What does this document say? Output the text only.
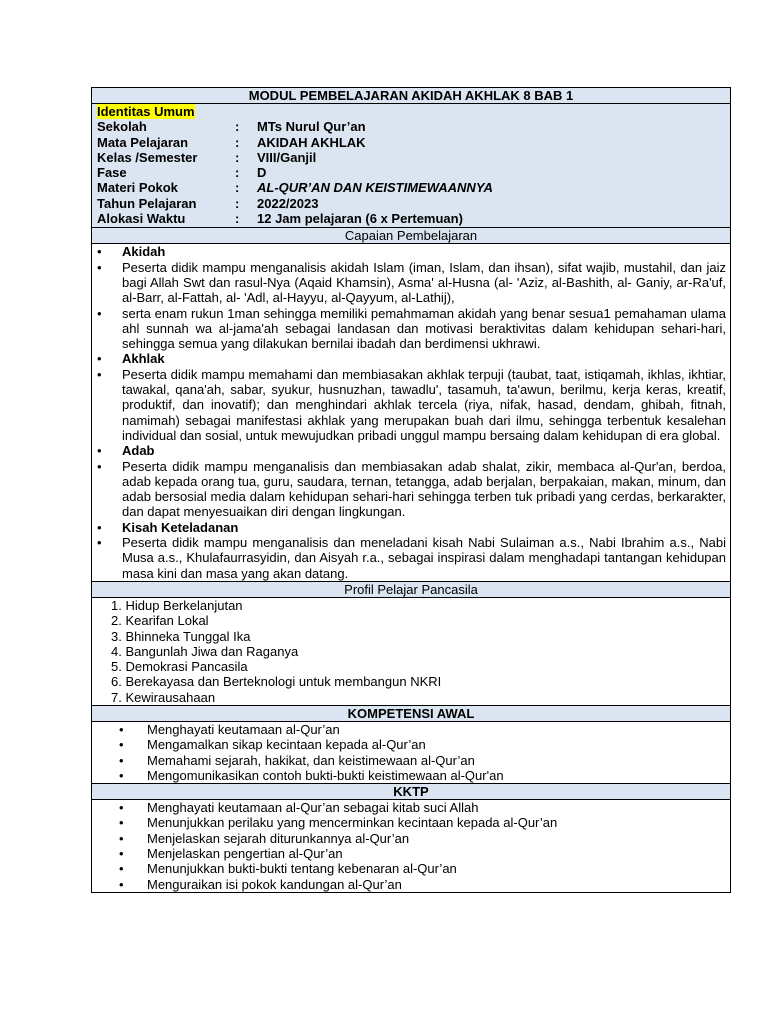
MODUL PEMBELAJARAN AKIDAH AKHLAK 8 BAB 1
Identitas Umum
Sekolah	:	MTs Nurul Qur’an
Mata Pelajaran	:	AKIDAH AKHLAK
Kelas /Semester	:	VIII/Ganjil
Fase	:	D
Materi Pokok	:	AL-QUR’AN DAN KEISTIMEWAANNYA
Tahun Pelajaran	:	2022/2023
Alokasi Waktu	:	12 Jam pelajaran (6 x Pertemuan)
Capaian Pembelajaran
•	Akidah
•	Peserta didik mampu menganalisis akidah Islam (iman, Islam, dan ihsan), sifat wajib, mustahil, dan jaiz bagi Allah Swt dan rasul-Nya (Aqaid Khamsin), Asma' al-Husna (al- 'Aziz, al-Bashith, al- Ganiy, ar-Ra'uf, al-Barr, al-Fattah, al- 'Adl, al-Hayyu, al-Qayyum, al-Lathij),
•	serta enam rukun 1man sehingga memiliki pemahmaman akidah yang benar sesua1 pemahaman ulama ahl sunnah wa al-jama'ah sebagai landasan dan motivasi beraktivitas dalam kehidupan sehari-hari, sehingga semua yang dilakukan bernilai ibadah dan berdimensi ukhrawi.
•	Akhlak
•	Peserta didik mampu memahami dan membiasakan akhlak terpuji (taubat, taat, istiqamah, ikhlas, ikhtiar, tawakal, qana'ah, sabar, syukur, husnuzhan, tawadlu', tasamuh, ta'awun, berilmu, kerja keras, kreatif, produktif, dan inovatif); dan menghindari akhlak tercela (riya, nifak, hasad, dendam, ghibah, fitnah, namimah) sebagai manifestasi akhlak yang merupakan buah dari ilmu, sehingga terbentuk kesalehan individual dan sosial, untuk mewujudkan pribadi unggul mampu bersaing dalam kehidupan di era global.
•	Adab
•	Peserta didik mampu menganalisis dan membiasakan adab shalat, zikir, membaca al-Qur'an, berdoa, adab kepada orang tua, guru, saudara, ternan, tetangga, adab berjalan, berpakaian, makan, minum, dan adab bersosial media dalam kehidupan sehari-hari sehingga terben tuk pribadi yang cerdas, berkarakter, dan dapat menyesuaikan diri dengan lingkungan.
•	Kisah Keteladanan
•	Peserta didik mampu menganalisis dan meneladani kisah Nabi Sulaiman a.s., Nabi Ibrahim a.s., Nabi Musa a.s., Khulafaurrasyidin, dan Aisyah r.a., sebagai inspirasi dalam menghadapi tantangan kehidupan masa kini dan masa yang akan datang.
Profil Pelajar Pancasila
1. Hidup Berkelanjutan
2. Kearifan Lokal
3. Bhinneka Tunggal Ika
4. Bangunlah Jiwa dan Raganya
5. Demokrasi Pancasila
6. Berekayasa dan Berteknologi untuk membangun NKRI
7. Kewirausahaan
KOMPETENSI AWAL
•	Menghayati keutamaan al-Qur’an
•	Mengamalkan sikap kecintaan kepada al-Qur’an
•	Memahami sejarah, hakikat, dan keistimewaan al-Qur’an
•	Mengomunikasikan contoh bukti-bukti keistimewaan al-Qur'an
KKTP
•	Menghayati keutamaan al-Qur’an sebagai kitab suci Allah
•	Menunjukkan perilaku yang mencerminkan kecintaan kepada al-Qur’an
•	Menjelaskan sejarah diturunkannya al-Qur’an
•	Menjelaskan pengertian al-Qur’an
•	Menunjukkan bukti-bukti tentang kebenaran al-Qur’an
•	Menguraikan isi pokok kandungan al-Qur’an
